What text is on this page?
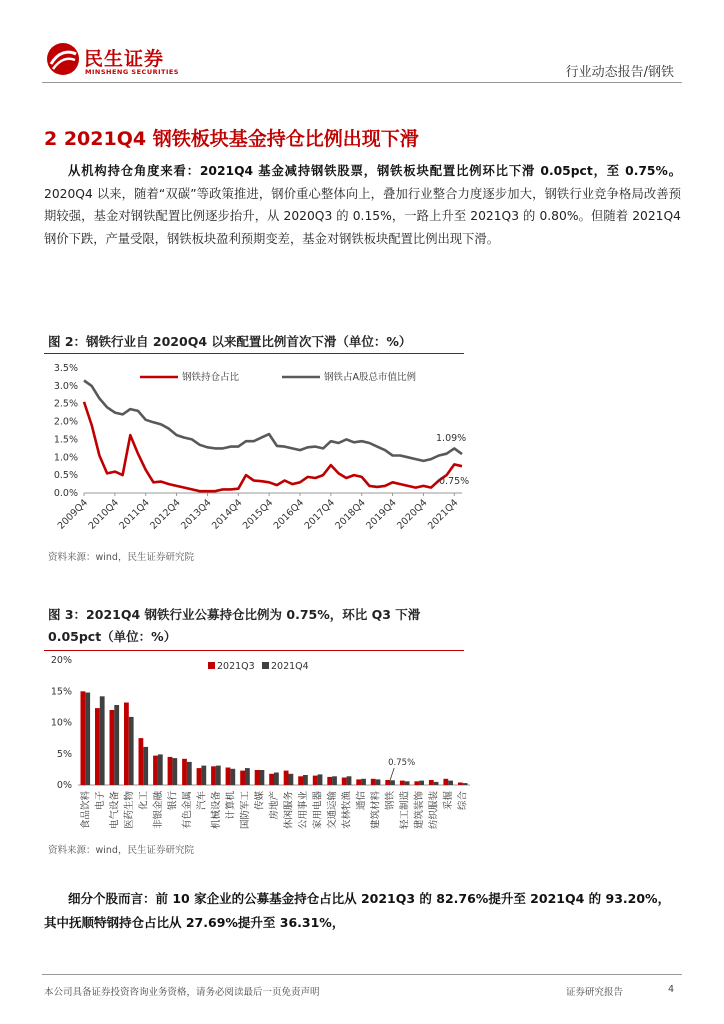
民生证券
MINSHENG SECURITIES	行业动态报告/钢铁
2 2021Q4 钢铁板块基金持仓比例出现下滑

从机构持仓角度来看：2021Q4 基金减持钢铁股票，钢铁板块配置比例环比下滑 0.05pct，至 0.75%。2020Q4 以来，随着“双碳”等政策推进，钢价重心整体向上，叠加行业整合力度逐步加大，钢铁行业竞争格局改善预期较强，基金对钢铁配置比例逐步抬升，从 2020Q3 的 0.15%，一路上升至 2021Q3 的 0.80%。但随着 2021Q4 钢价下跌，产量受限，钢铁板块盈利预期变差，基金对钢铁板块配置比例出现下滑。

图 2：钢铁行业自 2020Q4 以来配置比例首次下滑（单位：%）
3.5%
3.0%
2.5%
2.0%
1.5%
1.0%
0.5%
0.0%
2009Q4
2010Q4
2011Q4
2012Q4
2013Q4
2014Q4
2015Q4
2016Q4
2017Q4
2018Q4
2019Q4
2020Q4
2021Q4
钢铁持仓占比	钢铁占A股总市值比例
1.09%
0.75%
资料来源：wind，民生证券研究院
图 3：2021Q4 钢铁行业公募持仓比例为 0.75%，环比 Q3 下滑 0.05pct（单位：%）
20%
15%
10%
5%
0%
食品饮料 电子 电气设备 医药生物 化工 非银金融 银行 有色金属 汽车 机械设备 计算机 国防军工 传媒 房地产 休闲服务 公用事业 家用电器 交通运输 农林牧渔 通信 建筑材料 钢铁 轻工制造 建筑装饰 纺织服装 采掘 综合
2021Q3 2021Q4
0.75%
资料来源：wind，民生证券研究院

细分个股而言：前 10 家企业的公募基金持仓占比从 2021Q3 的 82.76%提升至 2021Q4 的 93.20%，其中抚顺特钢持仓占比从 27.69%提升至 36.31%，

本公司具备证券投资咨询业务资格，请务必阅读最后一页免责声明	证券研究报告	4
